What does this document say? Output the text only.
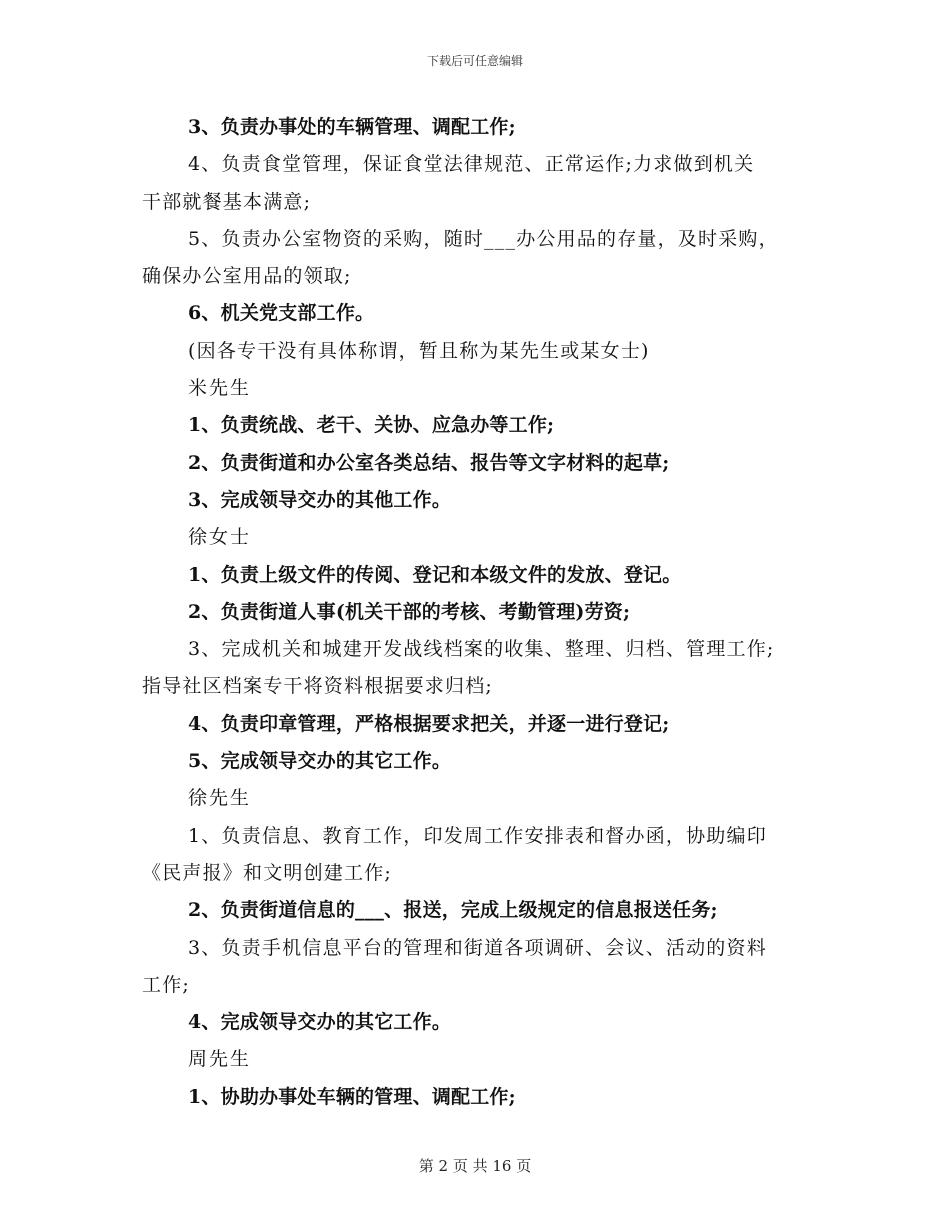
下载后可任意编辑
3、负责办事处的车辆管理、调配工作;
4、负责食堂管理，保证食堂法律规范、正常运作;力求做到机关
干部就餐基本满意;
5、负责办公室物资的采购，随时___办公用品的存量，及时采购，
确保办公室用品的领取;
6、机关党支部工作。
(因各专干没有具体称谓，暂且称为某先生或某女士)
米先生
1、负责统战、老干、关协、应急办等工作;
2、负责街道和办公室各类总结、报告等文字材料的起草;
3、完成领导交办的其他工作。
徐女士
1、负责上级文件的传阅、登记和本级文件的发放、登记。
2、负责街道人事(机关干部的考核、考勤管理)劳资;
3、完成机关和城建开发战线档案的收集、整理、归档、管理工作;
指导社区档案专干将资料根据要求归档;
4、负责印章管理，严格根据要求把关，并逐一进行登记;
5、完成领导交办的其它工作。
徐先生
1、负责信息、教育工作，印发周工作安排表和督办函，协助编印
《民声报》和文明创建工作;
2、负责街道信息的___、报送，完成上级规定的信息报送任务;
3、负责手机信息平台的管理和街道各项调研、会议、活动的资料
工作;
4、完成领导交办的其它工作。
周先生
1、协助办事处车辆的管理、调配工作;
第 2 页 共 16 页
